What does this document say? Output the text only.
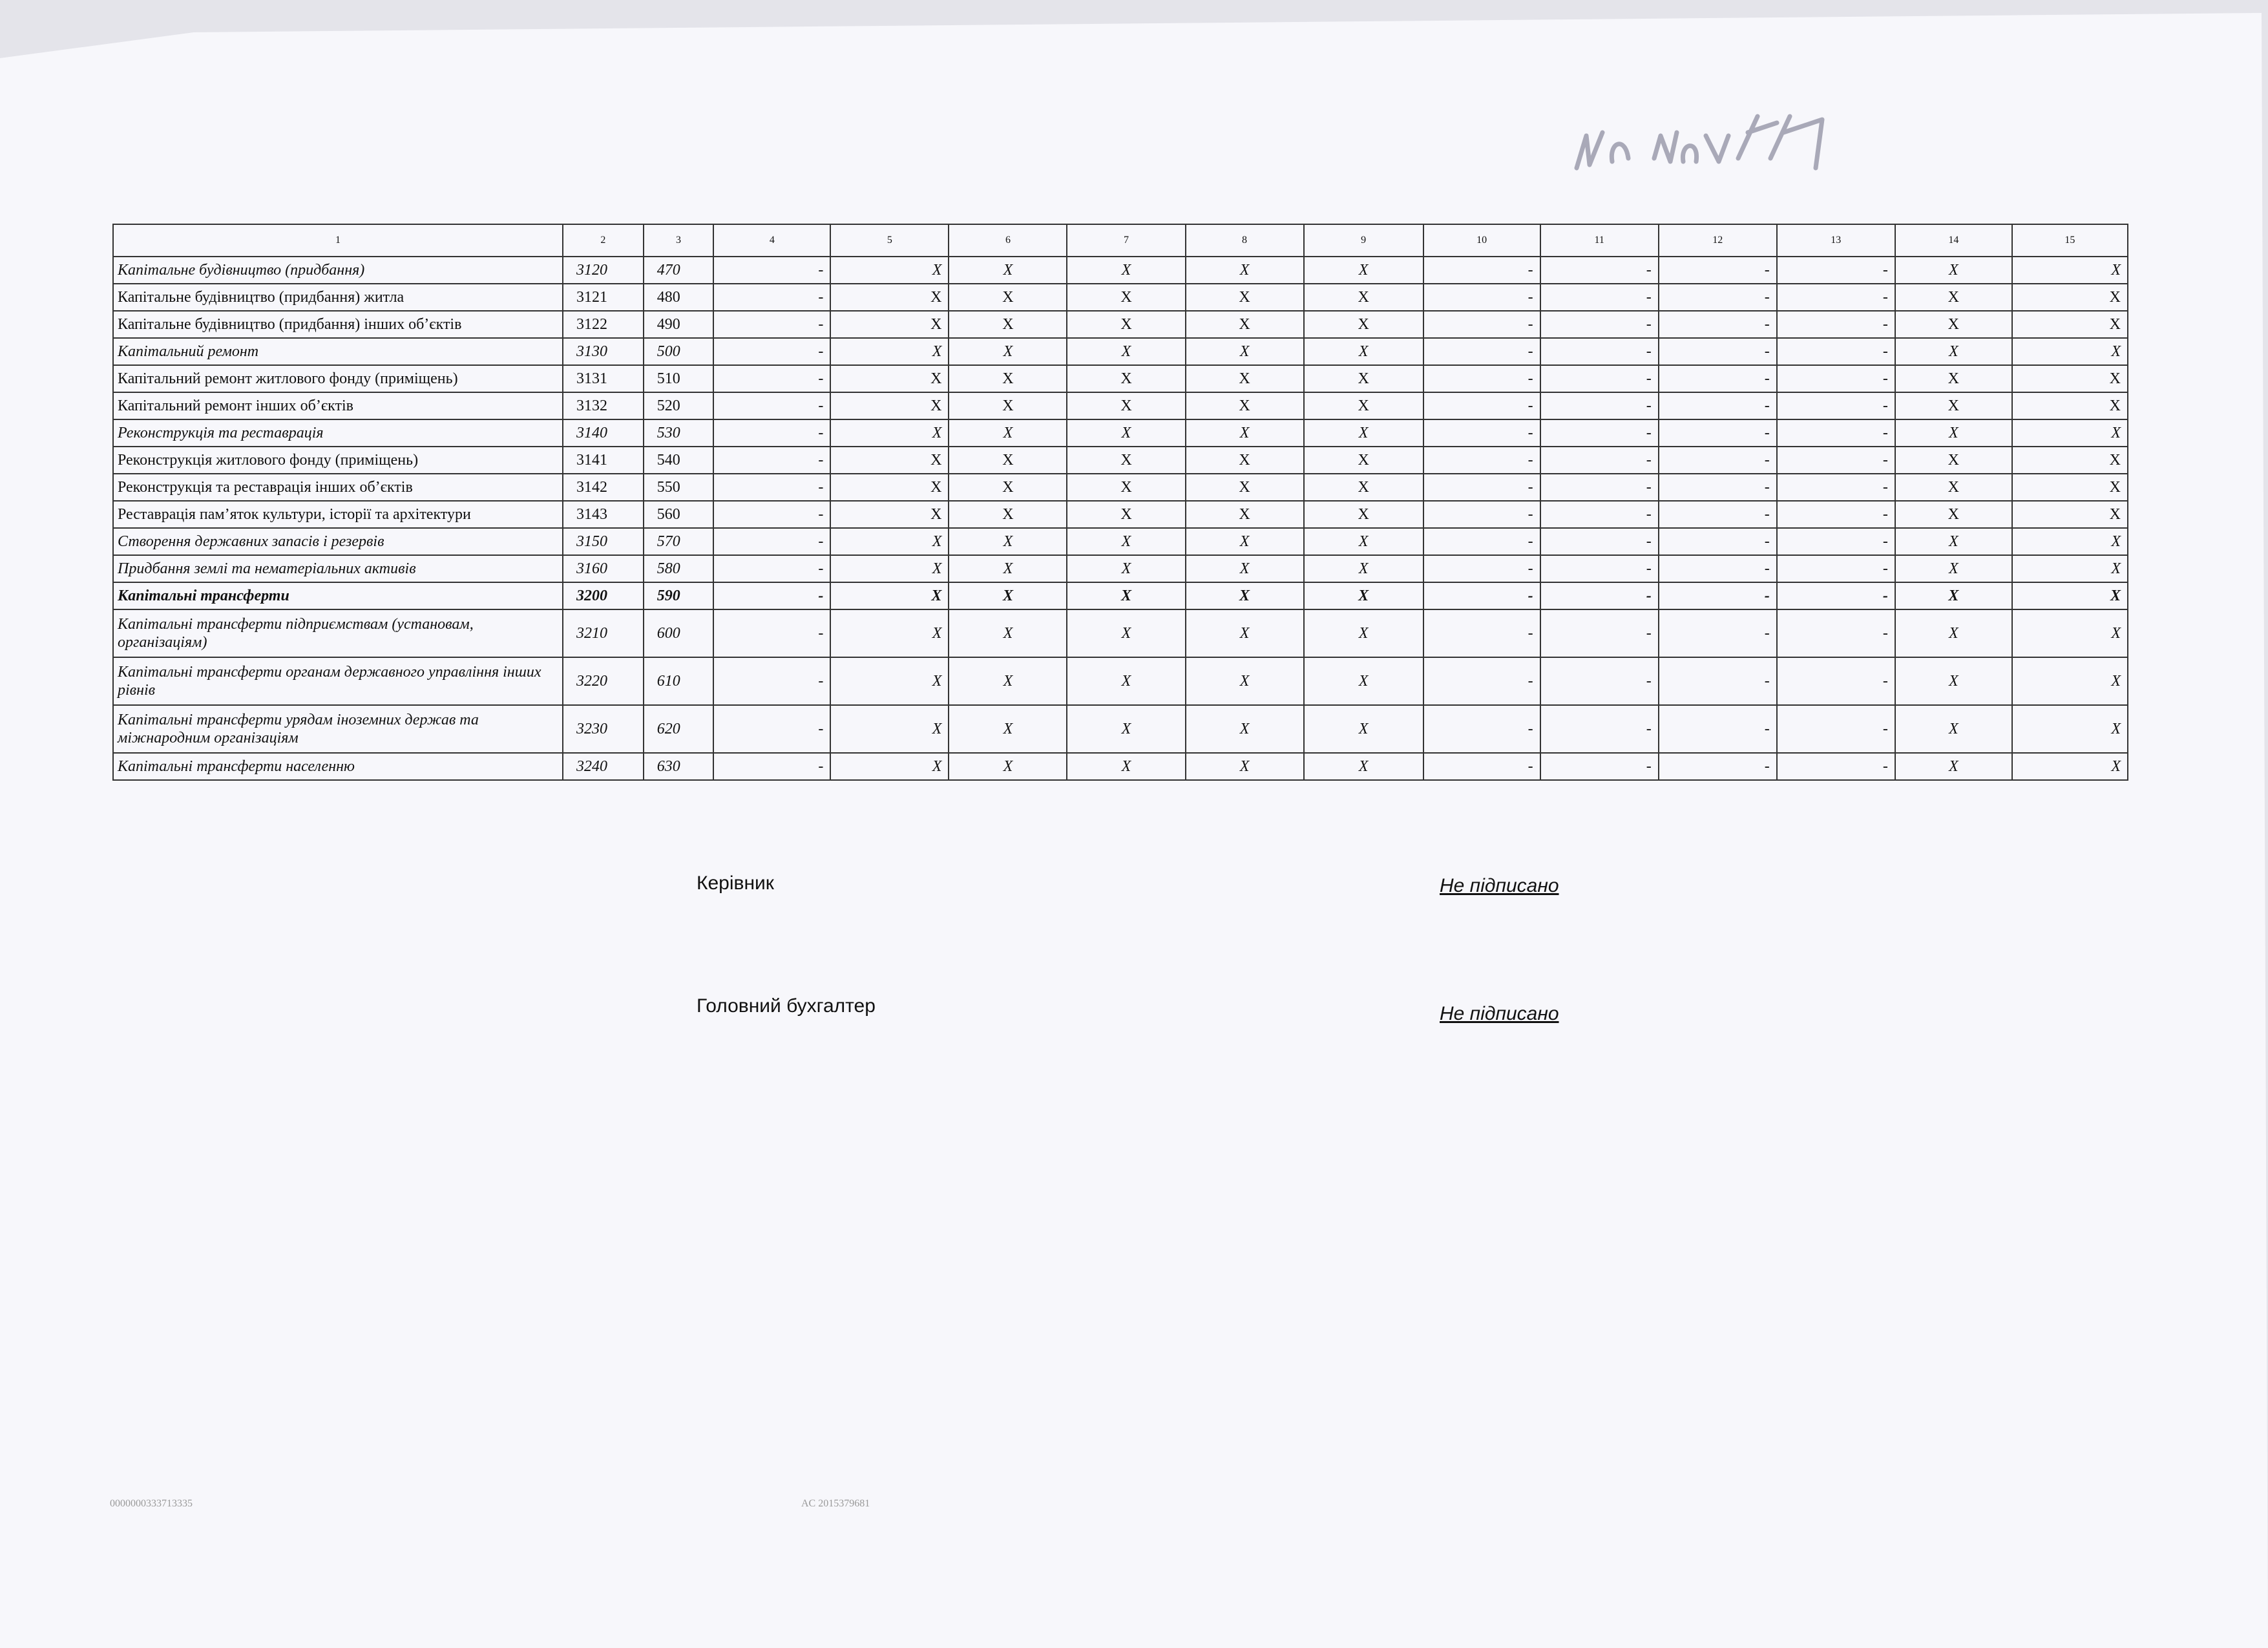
1	2	3	4	5	6	7	8	9	10	11	12	13	14	15
Капітальне будівництво (придбання)	3120	470	-	Х	Х	Х	Х	Х	-	-	-	-	Х	Х
Капітальне будівництво (придбання) житла	3121	480	-	Х	Х	Х	Х	Х	-	-	-	-	Х	Х
Капітальне будівництво (придбання) інших об’єктів	3122	490	-	Х	Х	Х	Х	Х	-	-	-	-	Х	Х
Капітальний ремонт	3130	500	-	Х	Х	Х	Х	Х	-	-	-	-	Х	Х
Капітальний ремонт житлового фонду (приміщень)	3131	510	-	Х	Х	Х	Х	Х	-	-	-	-	Х	Х
Капітальний ремонт інших об’єктів	3132	520	-	Х	Х	Х	Х	Х	-	-	-	-	Х	Х
Реконструкція та реставрація	3140	530	-	Х	Х	Х	Х	Х	-	-	-	-	Х	Х
Реконструкція житлового фонду (приміщень)	3141	540	-	Х	Х	Х	Х	Х	-	-	-	-	Х	Х
Реконструкція та реставрація інших об’єктів	3142	550	-	Х	Х	Х	Х	Х	-	-	-	-	Х	Х
Реставрація пам’яток культури, історії та архітектури	3143	560	-	Х	Х	Х	Х	Х	-	-	-	-	Х	Х
Створення державних запасів і резервів	3150	570	-	Х	Х	Х	Х	Х	-	-	-	-	Х	Х
Придбання землі та нематеріальних активів	3160	580	-	Х	Х	Х	Х	Х	-	-	-	-	Х	Х
Капітальні трансферти	3200	590	-	Х	Х	Х	Х	Х	-	-	-	-	Х	Х
Капітальні трансферти підприємствам (установам, організаціям)	3210	600	-	Х	Х	Х	Х	Х	-	-	-	-	Х	Х
Капітальні трансферти органам державного управління інших рівнів	3220	610	-	Х	Х	Х	Х	Х	-	-	-	-	Х	Х
Капітальні трансферти урядам іноземних держав та міжнародним організаціям	3230	620	-	Х	Х	Х	Х	Х	-	-	-	-	Х	Х
Капітальні трансферти населенню	3240	630	-	Х	Х	Х	Х	Х	-	-	-	-	Х	Х
Керівник	Не підписано
Головний бухгалтер	Не підписано
0000000333713335	AC 2015379681
